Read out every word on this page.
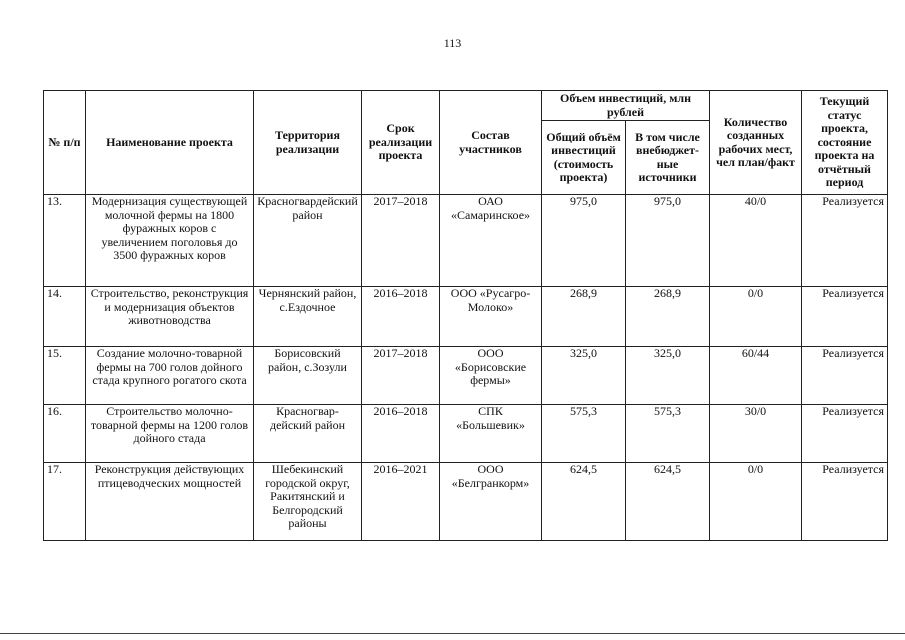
113
№ п/п	Наименование проекта	Территория реализации	Срок реализации проекта	Состав участников	Объем инвестиций, млн рублей		Количество созданных рабочих мест, чел план/факт	Текущий статус проекта, состояние проекта на отчётный период
					Общий объём инвестиций (стоимость проекта)	В том числе внебюджет-ные источники		
13.	Модернизация существующей молочной фермы на 1800 фуражных коров с увеличением поголовья до 3500 фуражных коров	Красногвардейский район	2017–2018	ОАО «Самаринское»	975,0	975,0	40/0	Реализуется
14.	Строительство, реконструкция и модернизация объектов животноводства	Чернянский район, с.Ездочное	2016–2018	ООО «Русагро-Молоко»	268,9	268,9	0/0	Реализуется
15.	Создание молочно-товарной фермы на 700 голов дойного стада крупного рогатого скота	Борисовский район, с.Зозули	2017–2018	ООО «Борисовские фермы»	325,0	325,0	60/44	Реализуется
16.	Строительство молочно-товарной фермы на 1200 голов дойного стада	Красногвар-дейский район	2016–2018	СПК «Большевик»	575,3	575,3	30/0	Реализуется
17.	Реконструкция действующих птицеводческих мощностей	Шебекинский городской округ, Ракитянский и Белгородский районы	2016–2021	ООО «Белгранкорм»	624,5	624,5	0/0	Реализуется
